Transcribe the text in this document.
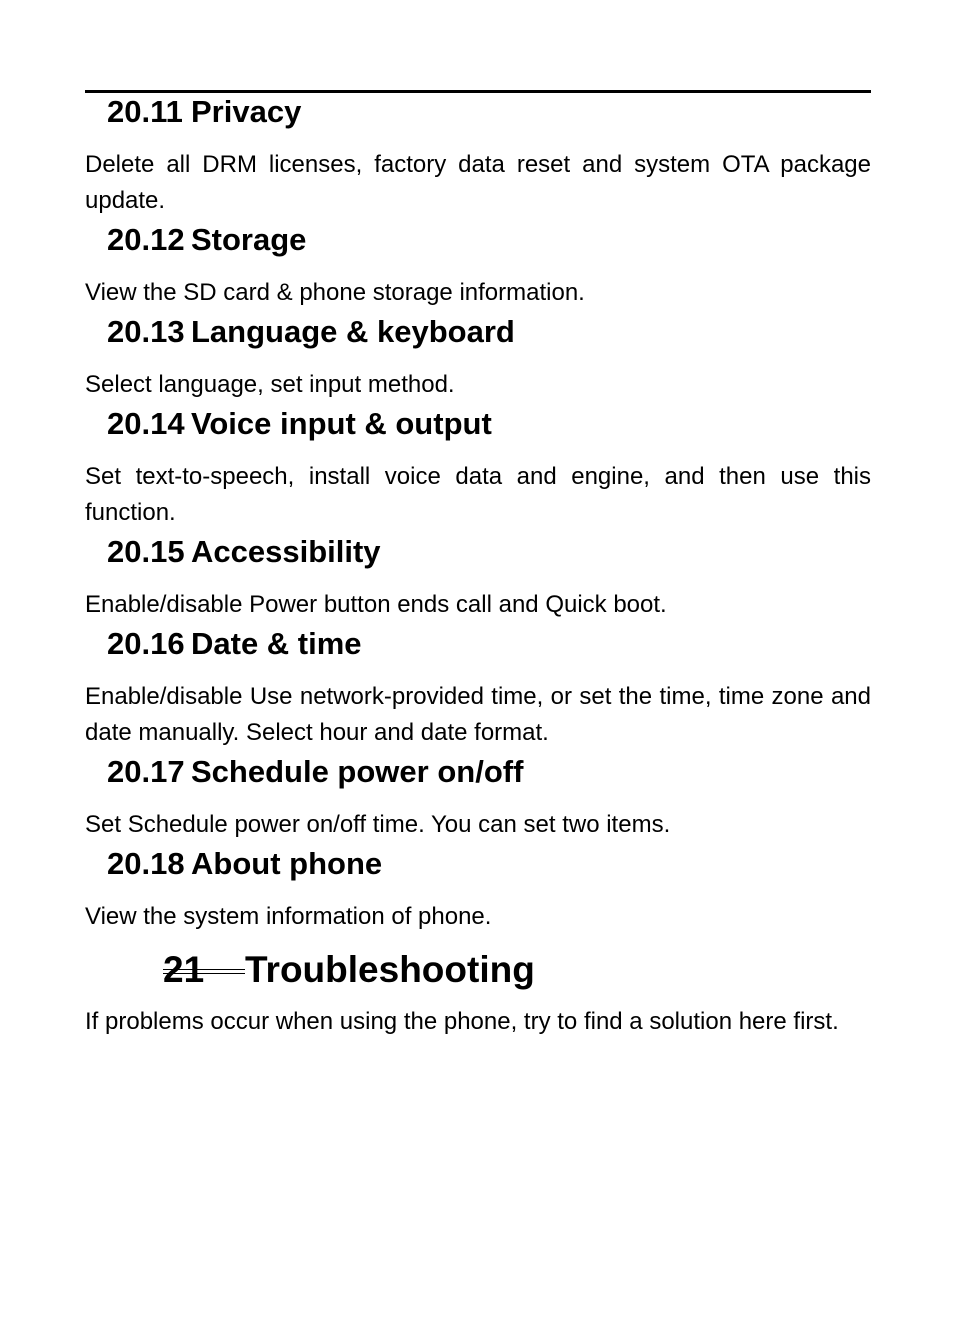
20.11 Privacy

Delete all DRM licenses, factory data reset and system OTA package update.

20.12 Storage

View the SD card & phone storage information.

20.13 Language & keyboard

Select language, set input method.

20.14 Voice input & output

Set text-to-speech, install voice data and engine, and then use this function.

20.15 Accessibility

Enable/disable Power button ends call and Quick boot.

20.16 Date & time

Enable/disable Use network-provided time, or set the time, time zone and date manually. Select hour and date format.

20.17 Schedule power on/off

Set Schedule power on/off time. You can set two items.

20.18 About phone

View the system information of phone.

21 Troubleshooting

If problems occur when using the phone, try to find a solution here first.
